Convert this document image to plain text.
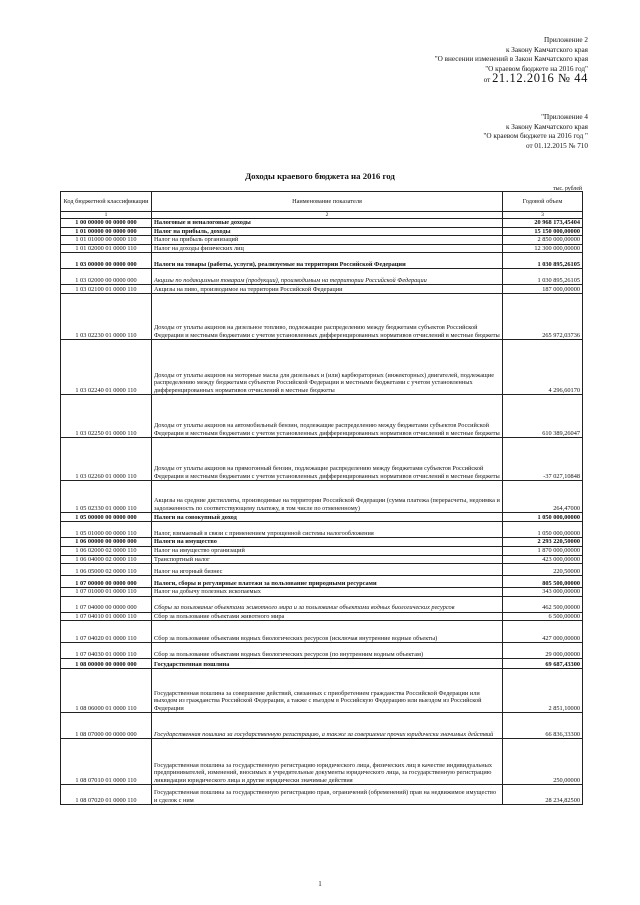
Приложение 2
к Закону Камчатского края
"О внесении изменений в Закон Камчатского края
"О краевом бюджете на 2016 год"
от 21.12.2016 № 44
"Приложение 4
к Закону Камчатского края
"О краевом бюджете на 2016 год "
от 01.12.2015 № 710
Доходы краевого бюджета на 2016 год
тыс. рублей
Код бюджетной классификации	Наименование показателя	Годовой объем
1	2	3
1 00 00000 00 0000 000	Налоговые и неналоговые доходы	20 968 173,45404
1 01 00000 00 0000 000	Налог на прибыль, доходы	15 150 000,00000
1 01 01000 00 0000 110	Налог на прибыль организаций	2 850 000,00000
1 01 02000 01 0000 110	Налог на доходы физических лиц	12 300 000,00000
1 03 00000 00 0000 000	Налоги на товары (работы, услуги), реализуемые на территории Российской Федерации	1 030 895,26105
1 03 02000 00 0000 000	Акцизы по подакцизным товарам (продукции), производимым на территории Российской Федерации	1 030 895,26105
1 03 02100 01 0000 110	Акцизы на пиво, производимое на территории Российской Федерации	187 000,00000
1 03 02230 01 0000 110	Доходы от уплаты акцизов на дизельное топливо, подлежащие распределению между бюджетами субъектов Российской Федерации и местными бюджетами с учетом установленных дифференцированных нормативов отчислений в местные бюджеты	265 972,03736
1 03 02240 01 0000 110	Доходы от уплаты акцизов на моторные масла для дизельных и (или) карбюраторных (инжекторных) двигателей, подлежащие распределению между бюджетами субъектов Российской Федерации и местными бюджетами с учетом установленных дифференцированных нормативов отчислений в местные бюджеты	4 296,60170
1 03 02250 01 0000 110	Доходы от уплаты акцизов на автомобильный бензин, подлежащие распределению между бюджетами субъектов Российской Федерации и местными бюджетами с учетом установленных дифференцированных нормативов отчислений в местные бюджеты	610 389,26047
1 03 02260 01 0000 110	Доходы от уплаты акцизов на прямогонный бензин, подлежащие распределению между бюджетами субъектов Российской Федерации и местными бюджетами с учетом установленных дифференцированных нормативов отчислений в местные бюджеты	-37 027,10848
1 05 02330 01 0000 110	Акцизы на средние дистилляты, производимые на территории Российской Федерации (сумма платежа (перерасчеты, недоимка и задолженность по соответствующему платежу, в том числе по отмененному)	264,47000
1 05 00000 00 0000 000	Налоги на совокупный доход	1 050 000,00000
1 05 01000 00 0000 110	Налог, взимаемый в связи с применением упрощенной системы налогообложения	1 050 000,00000
1 06 00000 00 0000 000	Налоги на имущество	2 293 220,50000
1 06 02000 02 0000 110	Налог на имущество организаций	1 870 000,00000
1 06 04000 02 0000 110	Транспортный налог	423 000,00000
1 06 05000 02 0000 110	Налог на игорный бизнес	220,50000
1 07 00000 00 0000 000	Налоги, сборы и регулярные платежи за пользование природными ресурсами	805 500,00000
1 07 01000 01 0000 110	Налог на добычу полезных ископаемых	343 000,00000
1 07 04000 00 0000 000	Сборы за пользование объектами животного мира и за пользование объектами водных биологических ресурсов	462 500,00000
1 07 04010 01 0000 110	Сбор за пользование объектами животного мира	6 500,00000
1 07 04020 01 0000 110	Сбор за пользование объектами водных биологических ресурсов (исключая внутренние водные объекты)	427 000,00000
1 07 04030 01 0000 110	Сбор за пользование объектами водных биологических ресурсов (по внутренним водным объектам)	29 000,00000
1 08 00000 00 0000 000	Государственная пошлина	69 687,43300
1 08 06000 01 0000 110	Государственная пошлина за совершение действий, связанных с приобретением гражданства Российской Федерации или выходом из гражданства Российской Федерации, а также с въездом в Российскую Федерацию или выездом из Российской Федерации	2 851,10000
1 08 07000 00 0000 000	Государственная пошлина за государственную регистрацию, а также за совершение прочих юридически значимых действий	66 836,33300
1 08 07010 01 0000 110	Государственная пошлина за государственную регистрацию юридического лица, физических лиц в качестве индивидуальных предпринимателей, изменений, вносимых в учредительные документы юридического лица, за государственную регистрацию ликвидации юридического лица и другие юридически значимые действия	250,00000
1 08 07020 01 0000 110	Государственная пошлина за государственную регистрацию прав, ограничений (обременений) прав на недвижимое имущество и сделок с ним	28 234,82500
1
